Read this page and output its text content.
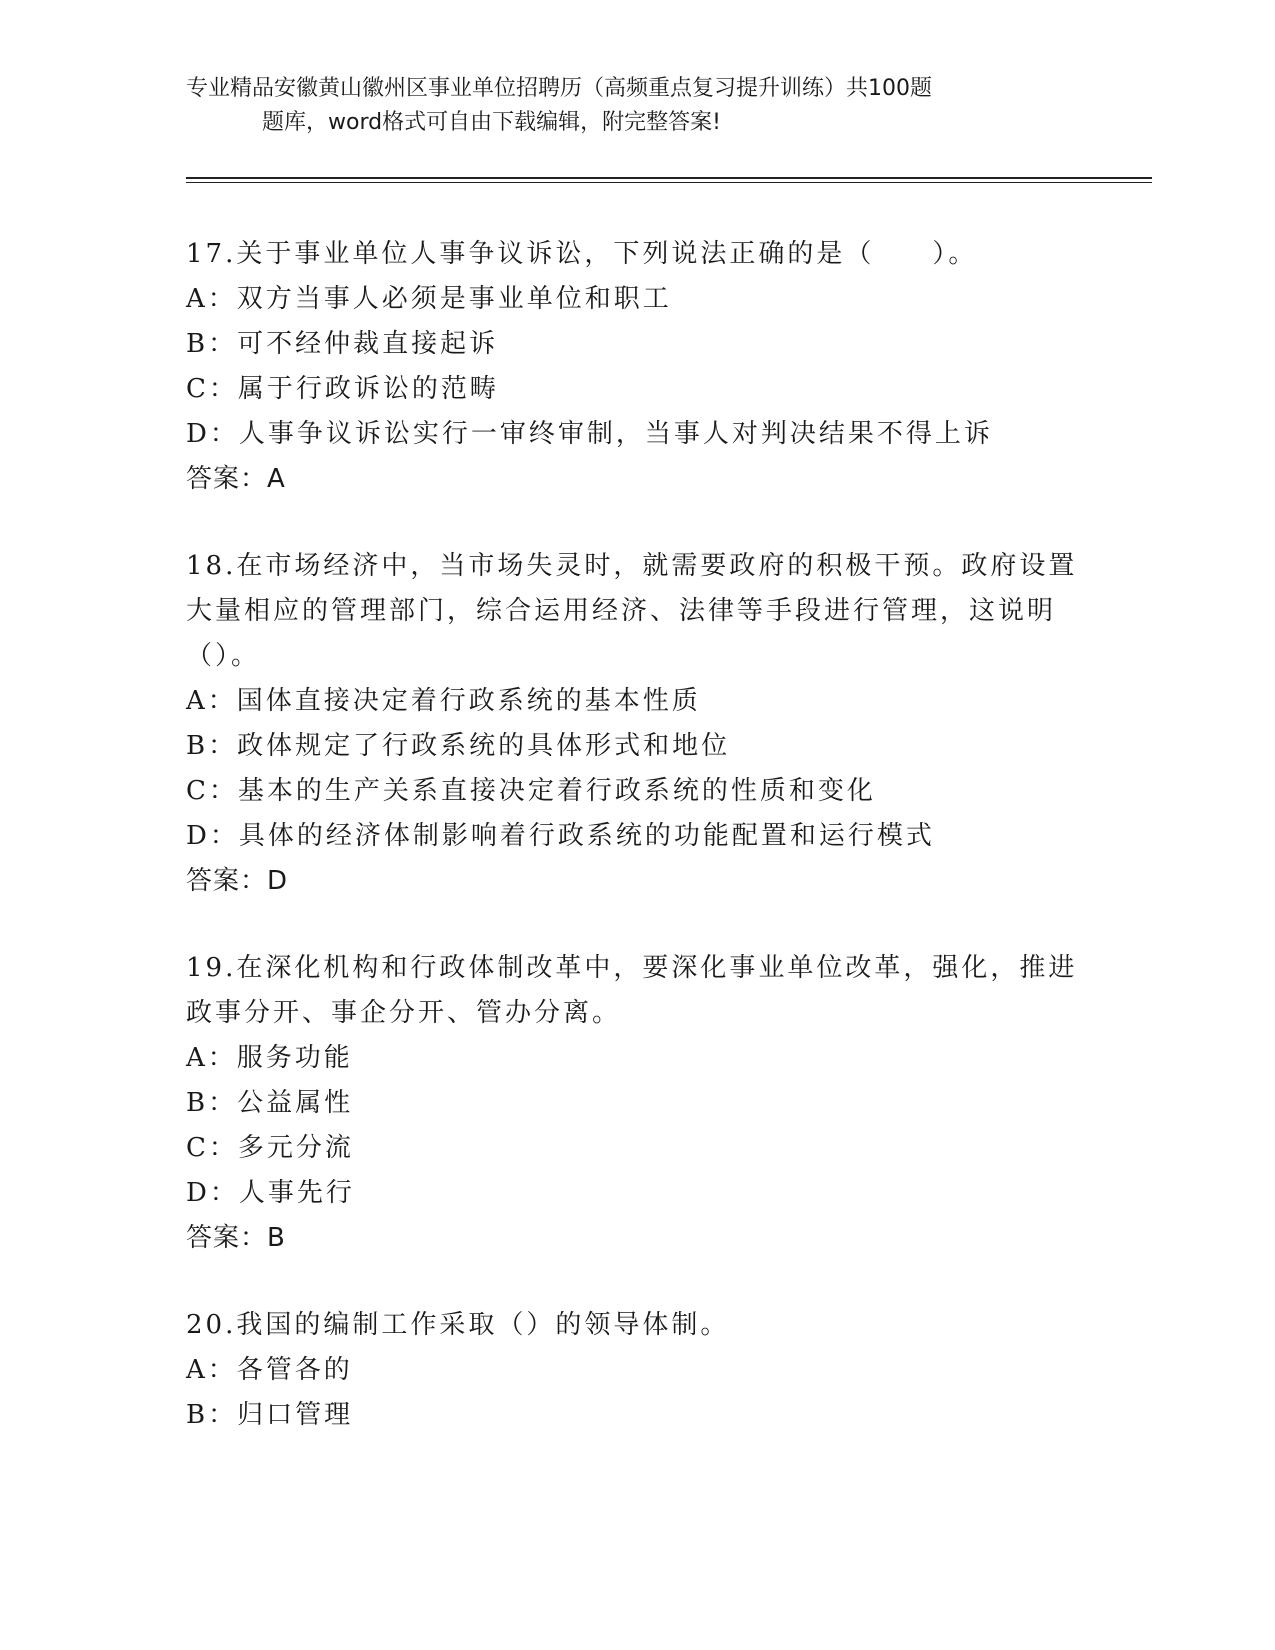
专业精品安徽黄山徽州区事业单位招聘历（高频重点复习提升训练）共100题
题库，word格式可自由下载编辑，附完整答案!

17.关于事业单位人事争议诉讼，下列说法正确的是（　　）。

A：双方当事人必须是事业单位和职工

B：可不经仲裁直接起诉

C：属于行政诉讼的范畴

D：人事争议诉讼实行一审终审制，当事人对判决结果不得上诉

答案：A

18.在市场经济中，当市场失灵时，就需要政府的积极干预。政府设置大量相应的管理部门，综合运用经济、法律等手段进行管理，这说明（）。

A：国体直接决定着行政系统的基本性质

B：政体规定了行政系统的具体形式和地位

C：基本的生产关系直接决定着行政系统的性质和变化

D：具体的经济体制影响着行政系统的功能配置和运行模式

答案：D

19.在深化机构和行政体制改革中，要深化事业单位改革，强化，推进政事分开、事企分开、管办分离。

A：服务功能

B：公益属性

C：多元分流

D：人事先行

答案：B

20.我国的编制工作采取（）的领导体制。

A：各管各的

B：归口管理
